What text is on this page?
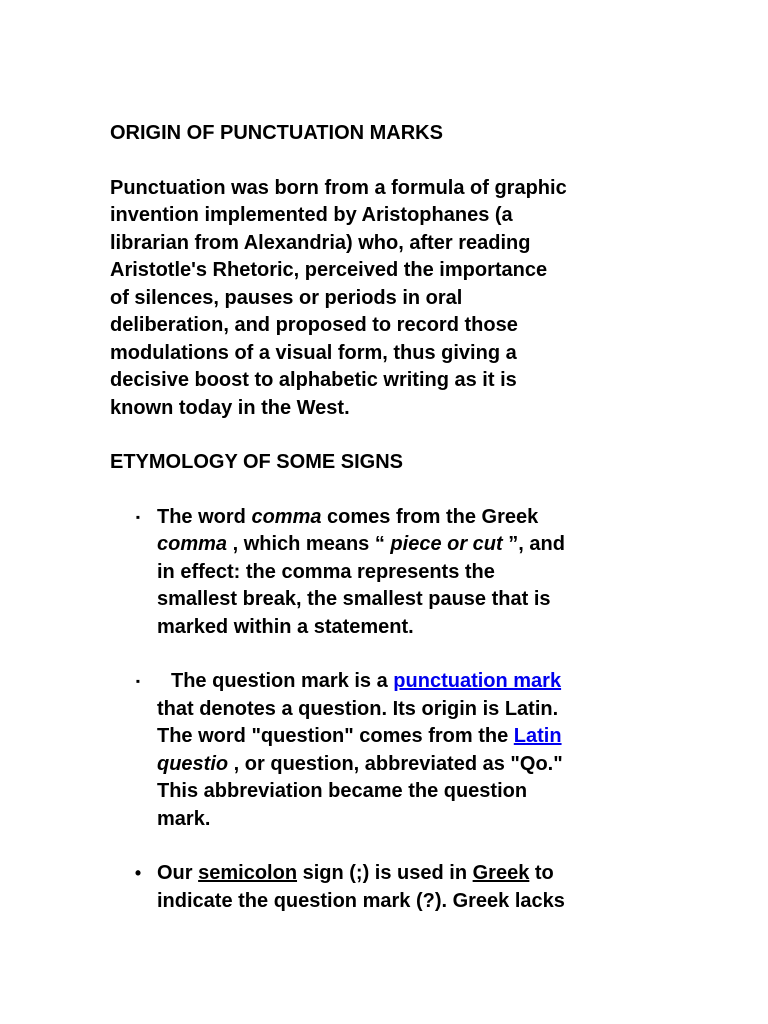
ORIGIN OF PUNCTUATION MARKS
Punctuation was born from a formula of graphic
invention implemented by Aristophanes (a
librarian from Alexandria) who, after reading
Aristotle's Rhetoric, perceived the importance
of silences, pauses or periods in oral
deliberation, and proposed to record those
modulations of a visual form, thus giving a
decisive boost to alphabetic writing as it is
known today in the West.
ETYMOLOGY OF SOME SIGNS
▪ The word comma comes from the Greek
comma , which means “ piece or cut ”, and
in effect: the comma represents the
smallest break, the smallest pause that is
marked within a statement.
▪	The question mark is a punctuation mark
that denotes a question. Its origin is Latin.
The word "question" comes from the Latin
questio , or question, abbreviated as "Qo."
This abbreviation became the question
mark.
• Our semicolon sign (;) is used in Greek to
indicate the question mark (?). Greek lacks
